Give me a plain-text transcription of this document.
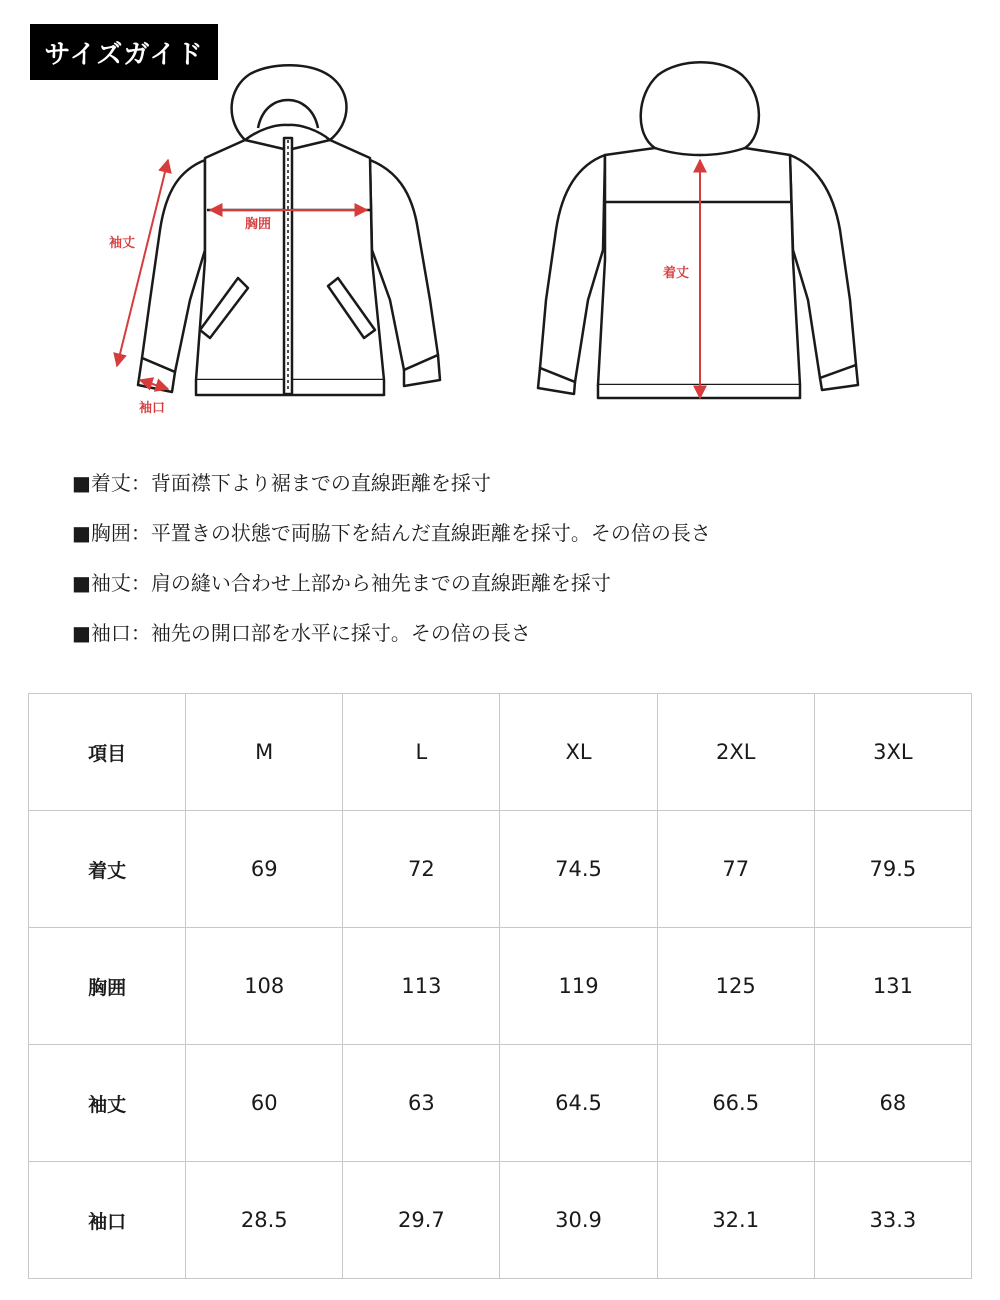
サイズガイド
胸囲
袖丈
袖口
着丈
■着丈：背面襟下より裾までの直線距離を採寸
■胸囲：平置きの状態で両脇下を結んだ直線距離を採寸。その倍の長さ
■袖丈：肩の縫い合わせ上部から袖先までの直線距離を採寸
■袖口：袖先の開口部を水平に採寸。その倍の長さ
項目	M	L	XL	2XL	3XL
着丈	69	72	74.5	77	79.5
胸囲	108	113	119	125	131
袖丈	60	63	64.5	66.5	68
袖口	28.5	29.7	30.9	32.1	33.3
